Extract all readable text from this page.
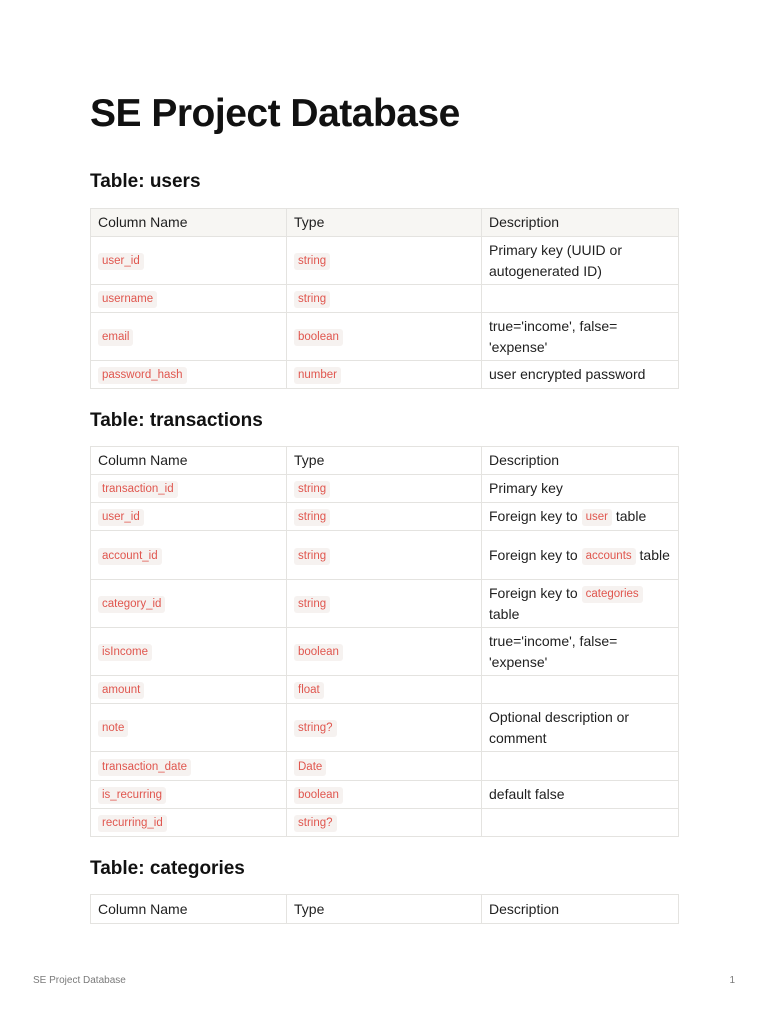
SE Project Database
Table: users
Column Name	Type	Description
user_id	string	Primary key (UUID or autogenerated ID)
username	string	
email	boolean	true='income', false= 'expense'
password_hash	number	user encrypted password
Table: transactions
Column Name	Type	Description
transaction_id	string	Primary key
user_id	string	Foreign key to user table
account_id	string	Foreign key to accounts table
category_id	string	Foreign key to categories table
isIncome	boolean	true='income', false= 'expense'
amount	float	
note	string?	Optional description or comment
transaction_date	Date	
is_recurring	boolean	default false
recurring_id	string?	
Table: categories
Column Name	Type	Description
SE Project Database	1
